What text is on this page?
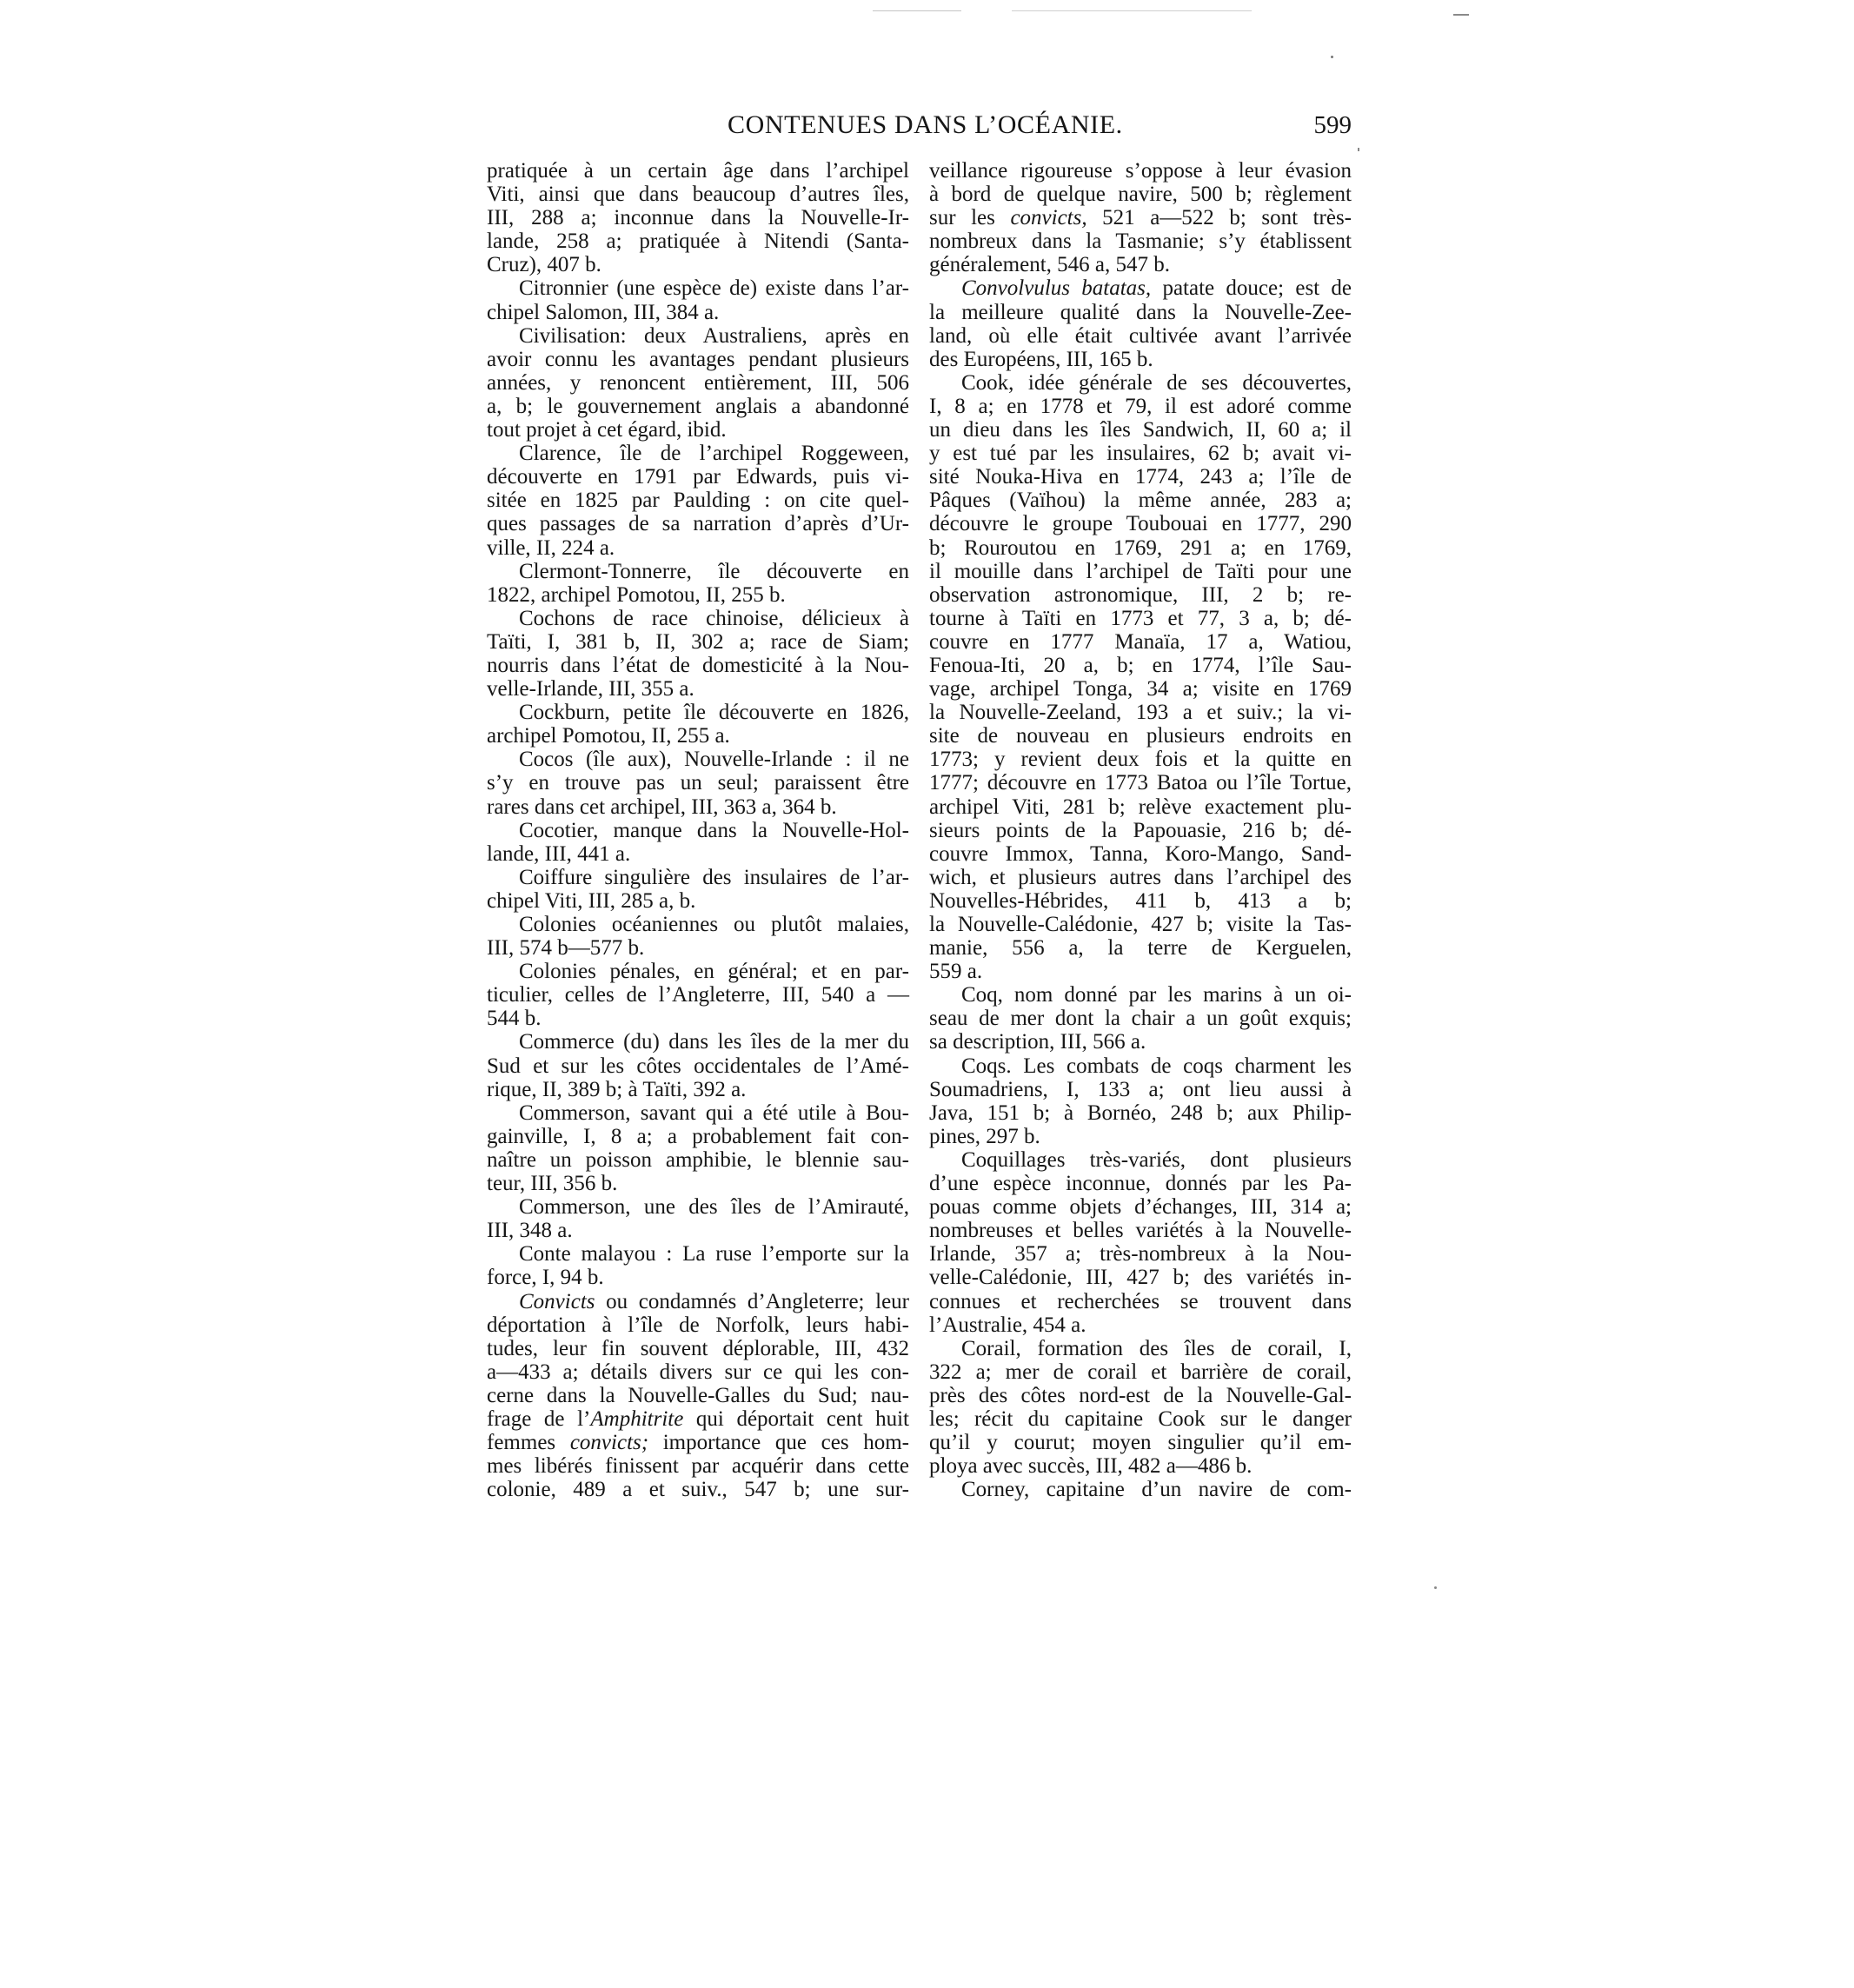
CONTENUES DANS L’OCÉANIE.	599
pratiquée à un certain âge dans l’archipel
Viti, ainsi que dans beaucoup d’autres îles,
III, 288 a; inconnue dans la Nouvelle-Ir-
lande, 258 a; pratiquée à Nitendi (Santa-
Cruz), 407 b.
Citronnier (une espèce de) existe dans l’ar-
chipel Salomon, III, 384 a.
Civilisation: deux Australiens, après en
avoir connu les avantages pendant plusieurs
années, y renoncent entièrement, III, 506
a, b; le gouvernement anglais a abandonné
tout projet à cet égard, ibid.
Clarence, île de l’archipel Roggeween,
découverte en 1791 par Edwards, puis vi-
sitée en 1825 par Paulding : on cite quel-
ques passages de sa narration d’après d’Ur-
ville, II, 224 a.
Clermont-Tonnerre, île découverte en
1822, archipel Pomotou, II, 255 b.
Cochons de race chinoise, délicieux à
Taïti, I, 381 b, II, 302 a; race de Siam;
nourris dans l’état de domesticité à la Nou-
velle-Irlande, III, 355 a.
Cockburn, petite île découverte en 1826,
archipel Pomotou, II, 255 a.
Cocos (île aux), Nouvelle-Irlande : il ne
s’y en trouve pas un seul; paraissent être
rares dans cet archipel, III, 363 a, 364 b.
Cocotier, manque dans la Nouvelle-Hol-
lande, III, 441 a.
Coiffure singulière des insulaires de l’ar-
chipel Viti, III, 285 a, b.
Colonies océaniennes ou plutôt malaies,
III, 574 b—577 b.
Colonies pénales, en général; et en par-
ticulier, celles de l’Angleterre, III, 540 a —
544 b.
Commerce (du) dans les îles de la mer du
Sud et sur les côtes occidentales de l’Amé-
rique, II, 389 b; à Taïti, 392 a.
Commerson, savant qui a été utile à Bou-
gainville, I, 8 a; a probablement fait con-
naître un poisson amphibie, le blennie sau-
teur, III, 356 b.
Commerson, une des îles de l’Amirauté,
III, 348 a.
Conte malayou : La ruse l’emporte sur la
force, I, 94 b.
Convicts ou condamnés d’Angleterre; leur
déportation à l’île de Norfolk, leurs habi-
tudes, leur fin souvent déplorable, III, 432
a—433 a; détails divers sur ce qui les con-
cerne dans la Nouvelle-Galles du Sud; nau-
frage de l’Amphitrite qui déportait cent huit
femmes convicts; importance que ces hom-
mes libérés finissent par acquérir dans cette
colonie, 489 a et suiv., 547 b; une sur-
veillance rigoureuse s’oppose à leur évasion
à bord de quelque navire, 500 b; règlement
sur les convicts, 521 a—522 b; sont très-
nombreux dans la Tasmanie; s’y établissent
généralement, 546 a, 547 b.
Convolvulus batatas, patate douce; est de
la meilleure qualité dans la Nouvelle-Zee-
land, où elle était cultivée avant l’arrivée
des Européens, III, 165 b.
Cook, idée générale de ses découvertes,
I, 8 a; en 1778 et 79, il est adoré comme
un dieu dans les îles Sandwich, II, 60 a; il
y est tué par les insulaires, 62 b; avait vi-
sité Nouka-Hiva en 1774, 243 a; l’île de
Pâques (Vaïhou) la même année, 283 a;
découvre le groupe Toubouai en 1777, 290
b; Rouroutou en 1769, 291 a; en 1769,
il mouille dans l’archipel de Taïti pour une
observation astronomique, III, 2 b; re-
tourne à Taïti en 1773 et 77, 3 a, b; dé-
couvre en 1777 Manaïa, 17 a, Watiou,
Fenoua-Iti, 20 a, b; en 1774, l’île Sau-
vage, archipel Tonga, 34 a; visite en 1769
la Nouvelle-Zeeland, 193 a et suiv.; la vi-
site de nouveau en plusieurs endroits en
1773; y revient deux fois et la quitte en
1777; découvre en 1773 Batoa ou l’île Tortue,
archipel Viti, 281 b; relève exactement plu-
sieurs points de la Papouasie, 216 b; dé-
couvre Immox, Tanna, Koro-Mango, Sand-
wich, et plusieurs autres dans l’archipel des
Nouvelles-Hébrides, 411 b, 413 a b;
la Nouvelle-Calédonie, 427 b; visite la Tas-
manie, 556 a, la terre de Kerguelen,
559 a.
Coq, nom donné par les marins à un oi-
seau de mer dont la chair a un goût exquis;
sa description, III, 566 a.
Coqs. Les combats de coqs charment les
Soumadriens, I, 133 a; ont lieu aussi à
Java, 151 b; à Bornéo, 248 b; aux Philip-
pines, 297 b.
Coquillages très-variés, dont plusieurs
d’une espèce inconnue, donnés par les Pa-
pouas comme objets d’échanges, III, 314 a;
nombreuses et belles variétés à la Nouvelle-
Irlande, 357 a; très-nombreux à la Nou-
velle-Calédonie, III, 427 b; des variétés in-
connues et recherchées se trouvent dans
l’Australie, 454 a.
Corail, formation des îles de corail, I,
322 a; mer de corail et barrière de corail,
près des côtes nord-est de la Nouvelle-Gal-
les; récit du capitaine Cook sur le danger
qu’il y courut; moyen singulier qu’il em-
ploya avec succès, III, 482 a—486 b.
Corney, capitaine d’un navire de com-
